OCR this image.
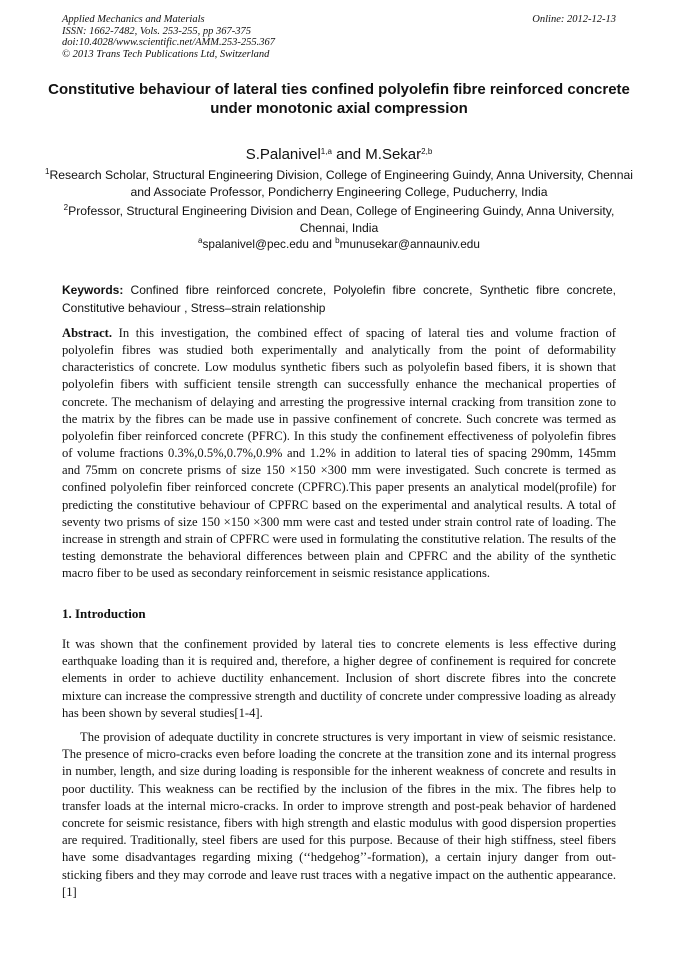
Applied Mechanics and Materials	Online: 2012-12-13
ISSN: 1662-7482, Vols. 253-255, pp 367-375
doi:10.4028/www.scientific.net/AMM.253-255.367
© 2013 Trans Tech Publications Ltd, Switzerland
Constitutive behaviour of lateral ties confined polyolefin fibre reinforced concrete under monotonic axial compression
S.Palanivel$^{1,a}$ and M.Sekar$^{2,b}$
$^1$Research Scholar, Structural Engineering Division, College of Engineering Guindy, Anna University, Chennai and Associate Professor, Pondicherry Engineering College, Puducherry, India
$^2$Professor, Structural Engineering Division and Dean, College of Engineering Guindy, Anna University, Chennai, India
$^a$spalanivel@pec.edu and $^b$munusekar@annauniv.edu
Keywords: Confined fibre reinforced concrete, Polyolefin fibre concrete, Synthetic fibre concrete, Constitutive behaviour , Stress–strain relationship
Abstract. In this investigation, the combined effect of spacing of lateral ties and volume fraction of polyolefin fibres was studied both experimentally and analytically from the point of deformability characteristics of concrete. Low modulus synthetic fibers such as polyolefin based fibers, it is shown that polyolefin fibers with sufficient tensile strength can successfully enhance the mechanical properties of concrete. The mechanism of delaying and arresting the progressive internal cracking from transition zone to the matrix by the fibres can be made use in passive confinement of concrete. Such concrete was termed as polyolefin fiber reinforced concrete (PFRC). In this study the confinement effectiveness of polyolefin fibres of volume fractions 0.3%,0.5%,0.7%,0.9% and 1.2% in addition to lateral ties of spacing 290mm, 145mm and 75mm on concrete prisms of size 150 ×150 ×300 mm were investigated. Such concrete is termed as confined polyolefin fiber reinforced concrete (CPFRC).This paper presents an analytical model(profile) for predicting the constitutive behaviour of CPFRC based on the experimental and analytical results. A total of seventy two prisms of size 150 ×150 ×300 mm were cast and tested under strain control rate of loading. The increase in strength and strain of CPFRC were used in formulating the constitutive relation. The results of the testing demonstrate the behavioral differences between plain and CPFRC and the ability of the synthetic macro fiber to be used as secondary reinforcement in seismic resistance applications.
1. Introduction
It was shown that the confinement provided by lateral ties to concrete elements is less effective during earthquake loading than it is required and, therefore, a higher degree of confinement is required for concrete elements in order to achieve ductility enhancement. Inclusion of short discrete fibres into the concrete mixture can increase the compressive strength and ductility of concrete under compressive loading as already has been shown by several studies[1-4].
The provision of adequate ductility in concrete structures is very important in view of seismic resistance. The presence of micro-cracks even before loading the concrete at the transition zone and its internal progress in number, length, and size during loading is responsible for the inherent weakness of concrete and results in poor ductility. This weakness can be rectified by the inclusion of the fibres in the mix. The fibres help to transfer loads at the internal micro-cracks. In order to improve strength and post-peak behavior of hardened concrete for seismic resistance, fibers with high strength and elastic modulus with good dispersion properties are required. Traditionally, steel fibers are used for this purpose. Because of their high stiffness, steel fibers have some disadvantages regarding mixing (‘‘hedgehog’’-formation), a certain injury danger from out-sticking fibers and they may corrode and leave rust traces with a negative impact on the authentic appearance.[1]
